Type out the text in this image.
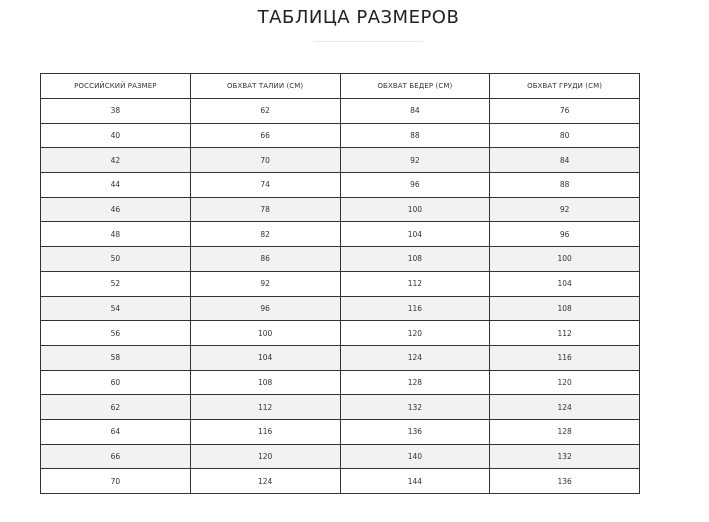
ТАБЛИЦА РАЗМЕРОВ
РОССИЙСКИЙ РАЗМЕР	ОБХВАТ ТАЛИИ (СМ)	ОБХВАТ БЕДЕР (СМ)	ОБХВАТ ГРУДИ (СМ)
38	62	84	76
40	66	88	80
42	70	92	84
44	74	96	88
46	78	100	92
48	82	104	96
50	86	108	100
52	92	112	104
54	96	116	108
56	100	120	112
58	104	124	116
60	108	128	120
62	112	132	124
64	116	136	128
66	120	140	132
70	124	144	136
